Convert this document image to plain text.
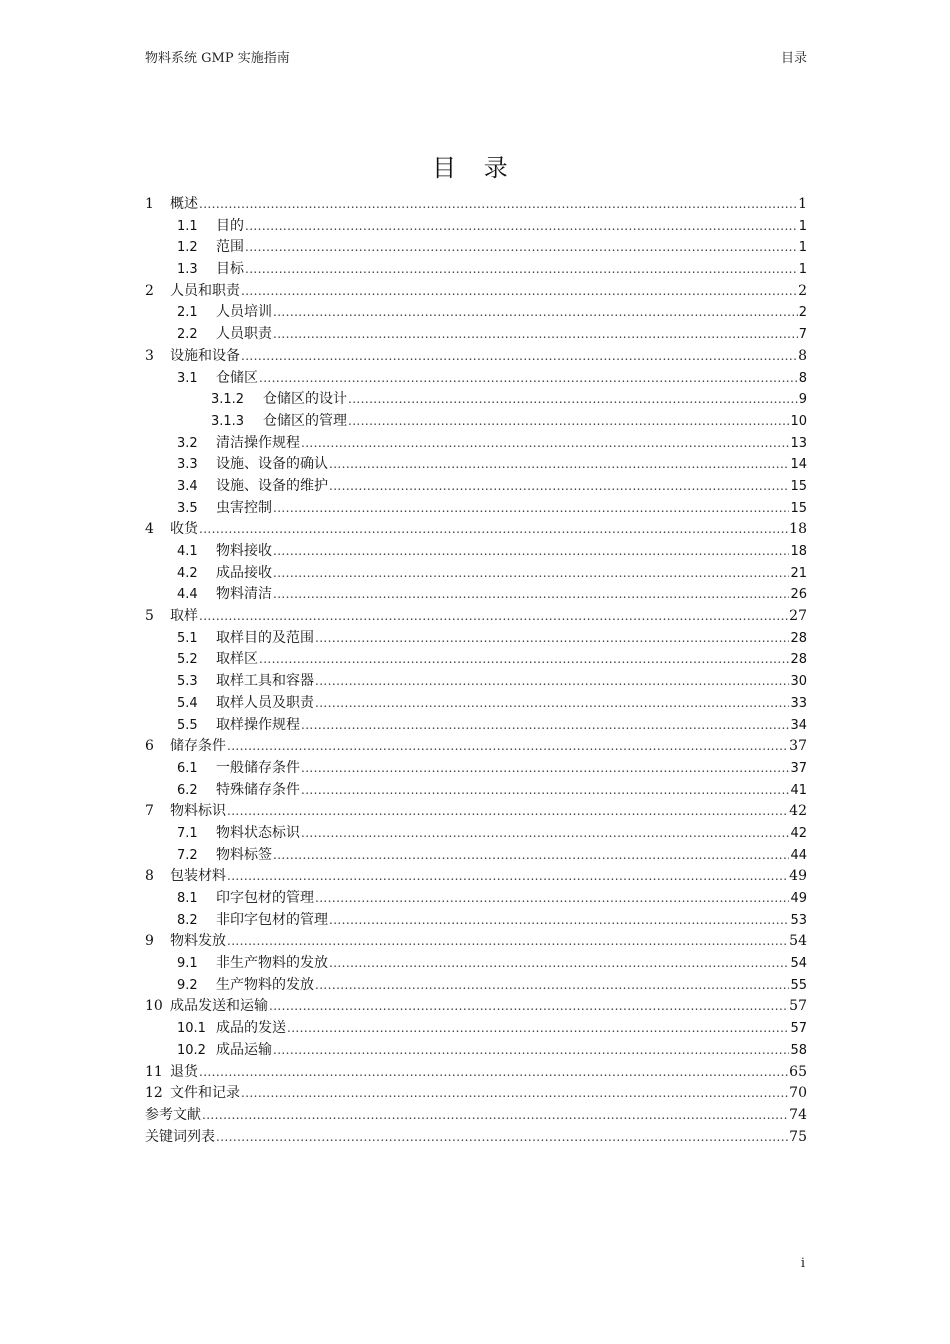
物料系统 GMP 实施指南	目录
目 录
1	概述 .....	1
1.1	目的 .....	1
1.2	范围 .....	1
1.3	目标 .....	1
2	人员和职责 .....	2
2.1	人员培训 .....	2
2.2	人员职责 .....	7
3	设施和设备 .....	8
3.1	仓储区 .....	8
3.1.2	仓储区的设计 .....	9
3.1.3	仓储区的管理 .....	10
3.2	清洁操作规程 .....	13
3.3	设施、设备的确认 .....	14
3.4	设施、设备的维护 .....	15
3.5	虫害控制 .....	15
4	收货 .....	18
4.1	物料接收 .....	18
4.2	成品接收 .....	21
4.4	物料清洁 .....	26
5	取样 .....	27
5.1	取样目的及范围 .....	28
5.2	取样区 .....	28
5.3	取样工具和容器 .....	30
5.4	取样人员及职责 .....	33
5.5	取样操作规程 .....	34
6	储存条件 .....	37
6.1	一般储存条件 .....	37
6.2	特殊储存条件 .....	41
7	物料标识 .....	42
7.1	物料状态标识 .....	42
7.2	物料标签 .....	44
8	包装材料 .....	49
8.1	印字包材的管理 .....	49
8.2	非印字包材的管理 .....	53
9	物料发放 .....	54
9.1	非生产物料的发放 .....	54
9.2	生产物料的发放 .....	55
10 成品发送和运输 .....	57
10.1 成品的发送 .....	57
10.2 成品运输 .....	58
11 退货 .....	65
12 文件和记录 .....	70
参考文献 .....	74
关键词列表 .....	75
i
